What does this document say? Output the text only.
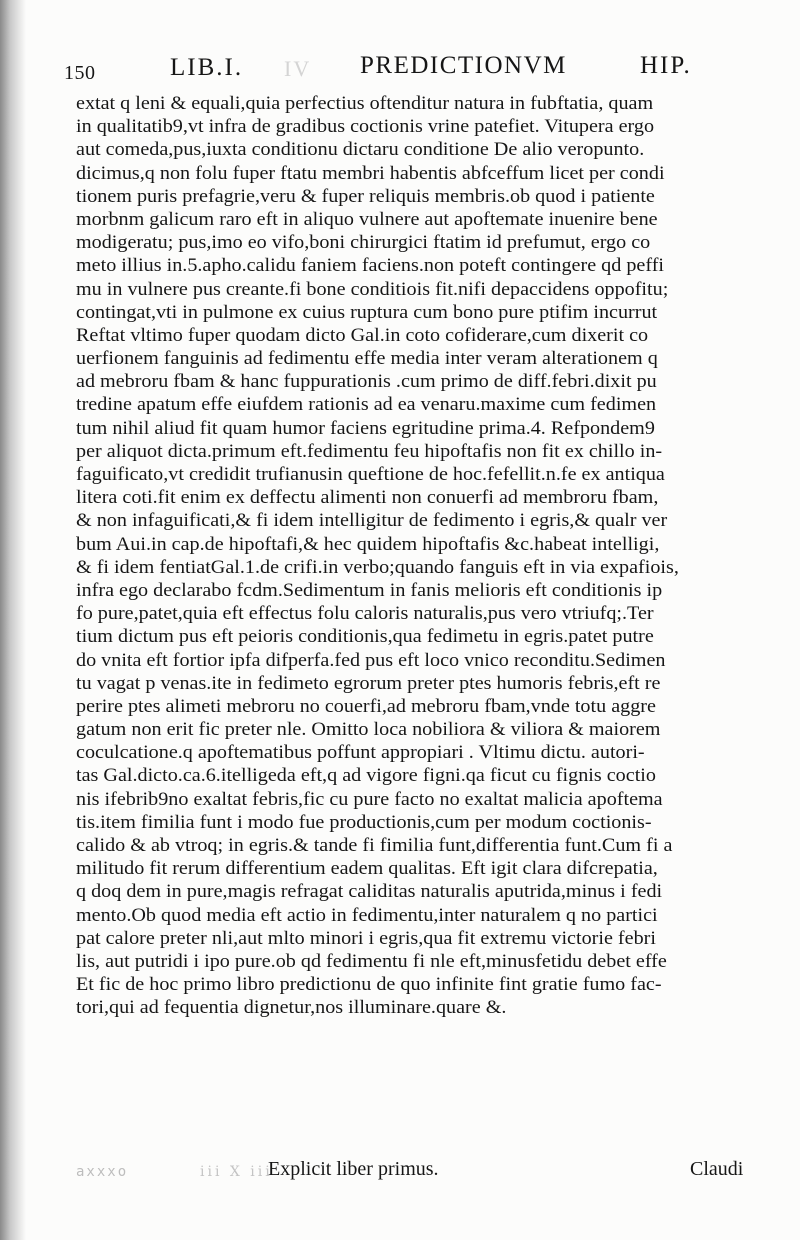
150	LIB.I. IV PREDICTIONVM	HIP.
extat q leni & equali,quia perfectius oftenditur natura in fubftatia, quam
in qualitatib9,vt infra de gradibus coctionis vrine patefiet. Vitupera ergo
aut comeda,pus,iuxta conditionu dictaru conditione De alio veropunto.
dicimus,q non folu fuper ftatu membri habentis abfceffum licet per condi
tionem puris prefagrie,veru & fuper reliquis membris.ob quod i patiente
morbnm galicum raro eft in aliquo vulnere aut apoftemate inuenire bene
modigeratu; pus,imo eo vifo,boni chirurgici ftatim id prefumut, ergo co
meto illius in.5.apho.calidu faniem faciens.non poteft contingere qd peffi
mu in vulnere pus creante.fi bone conditiois fit.nifi depaccidens oppofitu;
contingat,vti in pulmone ex cuius ruptura cum bono pure ptifim incurrut
Reftat vltimo fuper quodam dicto Gal.in coto cofiderare,cum dixerit co
uerfionem fanguinis ad fedimentu effe media inter veram alterationem q
ad mebroru fbam & hanc fuppurationis .cum primo de diff.febri.dixit pu
tredine apatum effe eiufdem rationis ad ea venaru.maxime cum fedimen
tum nihil aliud fit quam humor faciens egritudine prima.4. Refpondem9
per aliquot dicta.primum eft.fedimentu feu hipoftafis non fit ex chillo in-
faguificato,vt credidit trufianusin queftione de hoc.fefellit.n.fe ex antiqua
litera coti.fit enim ex deffectu alimenti non conuerfi ad membroru fbam,
& non infaguificati,& fi idem intelligitur de fedimento i egris,& qualr ver
bum Aui.in cap.de hipoftafi,& hec quidem hipoftafis &c.habeat intelligi,
& fi idem fentiatGal.1.de crifi.in verbo;quando fanguis eft in via expafiois,
infra ego declarabo fcdm.Sedimentum in fanis melioris eft conditionis ip
fo pure,patet,quia eft effectus folu caloris naturalis,pus vero vtriufq;.Ter
tium dictum pus eft peioris conditionis,qua fedimetu in egris.patet putre
do vnita eft fortior ipfa difperfa.fed pus eft loco vnico reconditu.Sedimen
tu vagat p venas.ite in fedimeto egrorum preter ptes humoris febris,eft re
perire ptes alimeti mebroru no couerfi,ad mebroru fbam,vnde totu aggre
gatum non erit fic preter nle. Omitto loca nobiliora & viliora & maiorem
coculcatione.q apoftematibus poffunt appropiari . Vltimu dictu. autori-
tas Gal.dicto.ca.6.itelligeda eft,q ad vigore figni.qa ficut cu fignis coctio
nis ifebrib9no exaltat febris,fic cu pure facto no exaltat malicia apoftema
tis.item fimilia funt i modo fue productionis,cum per modum coctionis-
calido & ab vtroq; in egris.& tande fi fimilia funt,differentia funt.Cum fi a
militudo fit rerum differentium eadem qualitas. Eft igit clara difcrepatia,
q doq dem in pure,magis refragat caliditas naturalis aputrida,minus i fedi
mento.Ob quod media eft actio in fedimentu,inter naturalem q no partici
pat calore preter nli,aut mlto minori i egris,qua fit extremu victorie febri
lis, aut putridi i ipo pure.ob qd fedimentu fi nle eft,minusfetidu debet effe
Et fic de hoc primo libro predictionu de quo infinite fint gratie fumo fac-
tori,qui ad fequentia dignetur,nos illuminare.quare &.
axxxo	iii X iii
Explicit liber primus.	Claudi
